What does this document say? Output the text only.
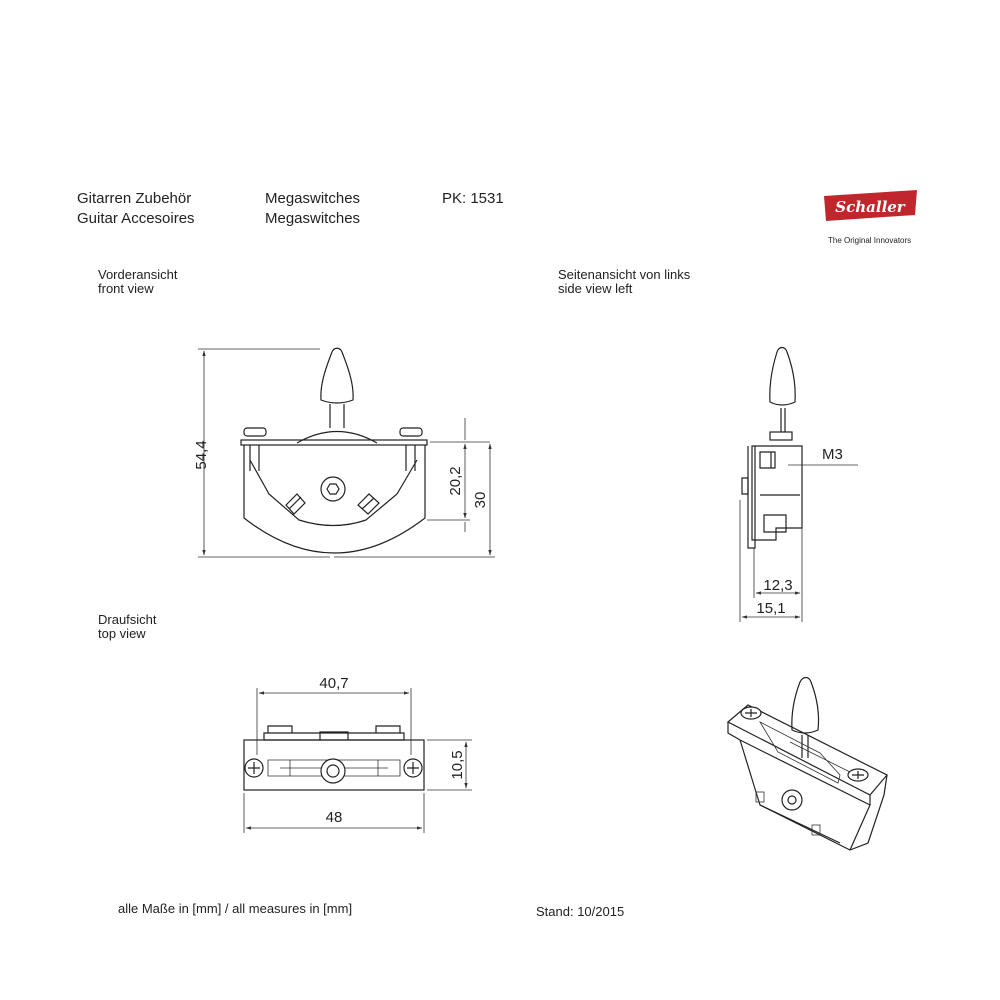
Gitarren Zubehör	Megaswitches	PK: 1531
Guitar Accesoires	Megaswitches
Schaller
The Original Innovators
Vorderansicht
front view
Seitenansicht von links
side view left
Draufsicht
top view
54,4
20,2
30
M3
12,3
15,1
40,7
10,5
48
alle Maße in [mm] / all measures in [mm]	Stand: 10/2015
